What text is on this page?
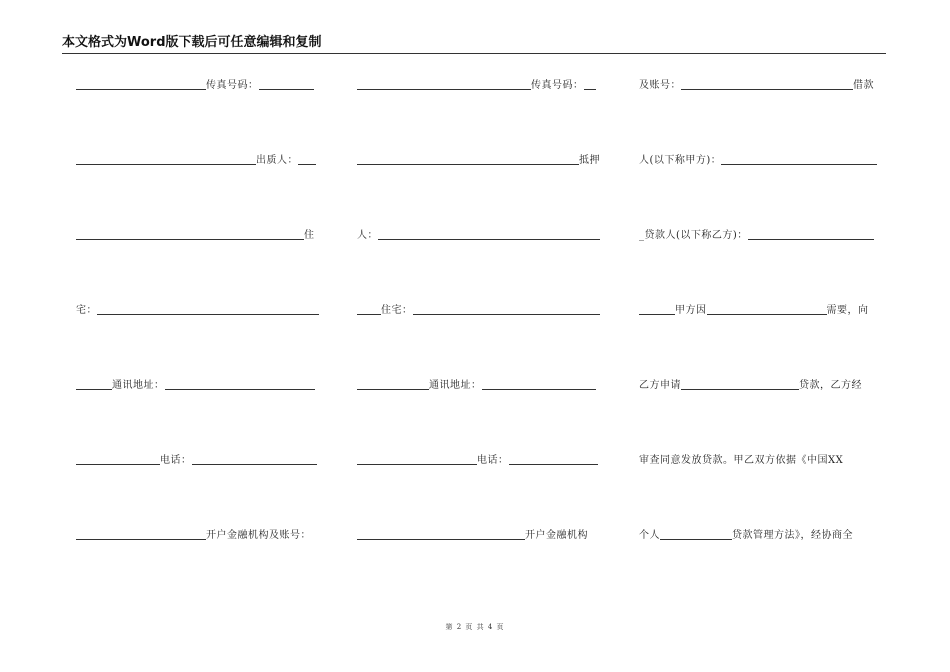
本文格式为Word版下载后可任意编辑和复制
传真号码：
出质人：
住
宅：
通讯地址：
电话：
开户金融机构及账号：
传真号码：
抵押
人：
住宅：
通讯地址：
电话：
开户金融机构
及账号：	借款
人(以下称甲方)：
_贷款人(以下称乙方)：
甲方因	需要，向
乙方申请	贷款，乙方经
审查同意发放贷款。甲乙双方依据《中国XX
个人	贷款管理方法》，经协商全
第 2 页 共 4 页
